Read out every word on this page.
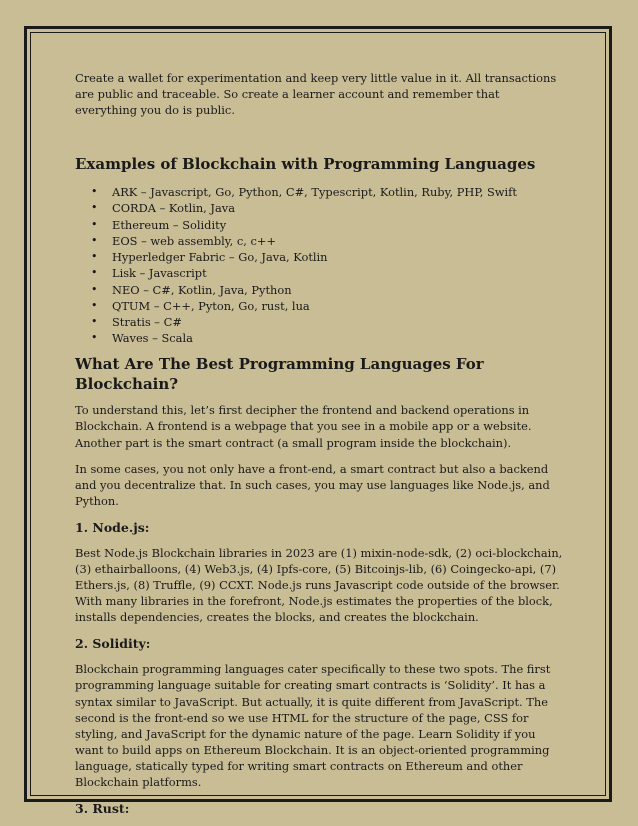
Create a wallet for experimentation and keep very little value in it. All transactions are public and traceable. So create a learner account and remember that everything you do is public.

Examples of Blockchain with Programming Languages
• ARK – Javascript, Go, Python, C#, Typescript, Kotlin, Ruby, PHP, Swift
• CORDA – Kotlin, Java
• Ethereum – Solidity
• EOS – web assembly, c, c++
• Hyperledger Fabric – Go, Java, Kotlin
• Lisk – Javascript
• NEO – C#, Kotlin, Java, Python
• QTUM – C++, Pyton, Go, rust, lua
• Stratis – C#
• Waves – Scala
What Are The Best Programming Languages For Blockchain?

To understand this, let’s first decipher the frontend and backend operations in Blockchain. A frontend is a webpage that you see in a mobile app or a website. Another part is the smart contract (a small program inside the blockchain).

In some cases, you not only have a front-end, a smart contract but also a backend and you decentralize that. In such cases, you may use languages like Node.js, and Python.

1. Node.js:

Best Node.js Blockchain libraries in 2023 are (1) mixin-node-sdk, (2) oci-blockchain, (3) ethairballoons, (4) Web3.js, (4) Ipfs-core, (5) Bitcoinjs-lib, (6) Coingecko-api, (7) Ethers.js, (8) Truffle, (9) CCXT. Node.js runs Javascript code outside of the browser. With many libraries in the forefront, Node.js estimates the properties of the block, installs dependencies, creates the blocks, and creates the blockchain.

2. Solidity:

Blockchain programming languages cater specifically to these two spots. The first programming language suitable for creating smart contracts is ‘Solidity’. It has a syntax similar to JavaScript. But actually, it is quite different from JavaScript. The second is the front-end so we use HTML for the structure of the page, CSS for styling, and JavaScript for the dynamic nature of the page. Learn Solidity if you want to build apps on Ethereum Blockchain. It is an object-oriented programming language, statically typed for writing smart contracts on Ethereum and other Blockchain platforms.

3. Rust:
